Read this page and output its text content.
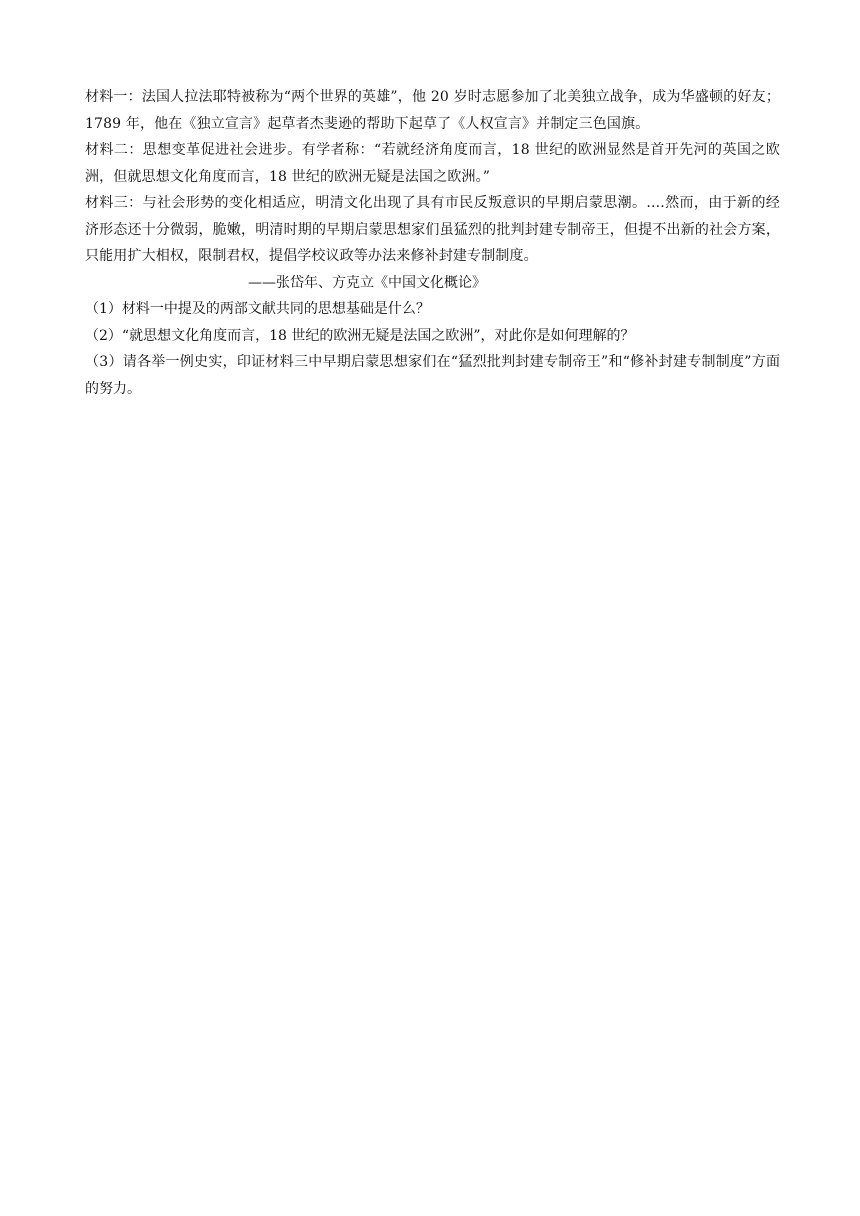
材料一：法国人拉法耶特被称为“两个世界的英雄”，他 20 岁时志愿参加了北美独立战争，成为华盛顿的好友；1789 年，他在《独立宣言》起草者杰斐逊的帮助下起草了《人权宣言》并制定三色国旗。

材料二：思想变革促进社会进步。有学者称：“若就经济角度而言，18 世纪的欧洲显然是首开先河的英国之欧洲，但就思想文化角度而言，18 世纪的欧洲无疑是法国之欧洲。”

材料三：与社会形势的变化相适应，明清文化出现了具有市民反叛意识的早期启蒙思潮。....然而，由于新的经济形态还十分微弱，脆嫩，明清时期的早期启蒙思想家们虽猛烈的批判封建专制帝王，但提不出新的社会方案，只能用扩大相权，限制君权，提倡学校议政等办法来修补封建专制制度。

——张岱年、方克立《中国文化概论》

（1）材料一中提及的两部文献共同的思想基础是什么？

（2）“就思想文化角度而言，18 世纪的欧洲无疑是法国之欧洲”，对此你是如何理解的？

（3）请各举一例史实，印证材料三中早期启蒙思想家们在“猛烈批判封建专制帝王”和“修补封建专制制度”方面的努力。
